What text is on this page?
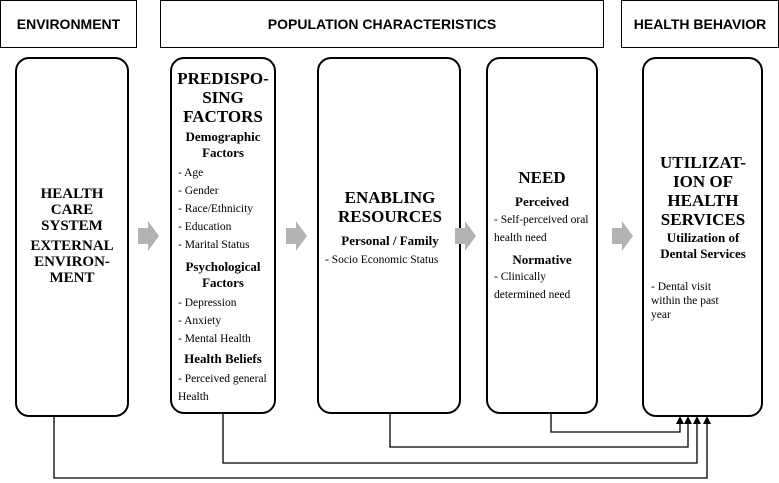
ENVIRONMENT	POPULATION CHARACTERISTICS	HEALTH BEHAVIOR
HEALTH CARE SYSTEM
EXTERNAL ENVIRON-MENT
PREDISPO-SING FACTORS
Demographic Factors
- Age
- Gender
- Race/Ethnicity
- Education
- Marital Status
Psychological Factors
- Depression
- Anxiety
- Mental Health
Health Beliefs
- Perceived general Health
ENABLING RESOURCES
Personal / Family
- Socio Economic Status
NEED
Perceived
- Self-perceived oral health need
Normative
- Clinically determined need
UTILIZAT-ION OF HEALTH SERVICES
Utilization of Dental Services
- Dental visit within the past year
